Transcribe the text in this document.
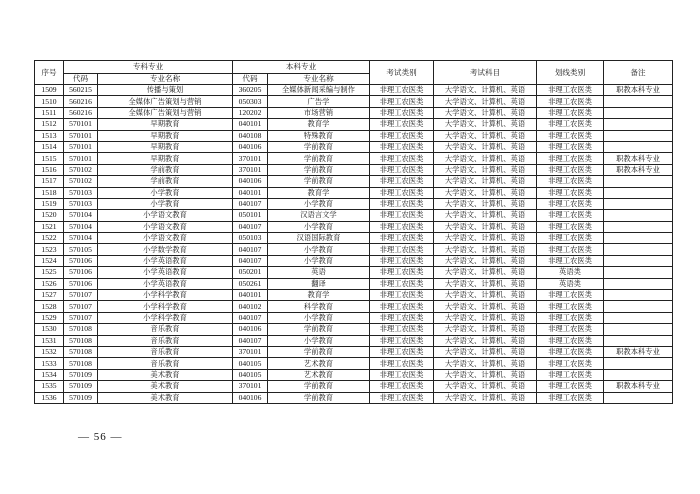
序号	专科专业		本科专业		考试类别	考试科目	划线类别	备注
	代码	专业名称	代码	专业名称				
1509	560215	传播与策划	360205	全媒体新闻采编与制作	非理工农医类	大学语文、计算机、英语	非理工农医类	职教本科专业
1510	560216	全媒体广告策划与营销	050303	广告学	非理工农医类	大学语文、计算机、英语	非理工农医类	
1511	560216	全媒体广告策划与营销	120202	市场营销	非理工农医类	大学语文、计算机、英语	非理工农医类	
1512	570101	早期教育	040101	教育学	非理工农医类	大学语文、计算机、英语	非理工农医类	
1513	570101	早期教育	040108	特殊教育	非理工农医类	大学语文、计算机、英语	非理工农医类	
1514	570101	早期教育	040106	学前教育	非理工农医类	大学语文、计算机、英语	非理工农医类	
1515	570101	早期教育	370101	学前教育	非理工农医类	大学语文、计算机、英语	非理工农医类	职教本科专业
1516	570102	学前教育	370101	学前教育	非理工农医类	大学语文、计算机、英语	非理工农医类	职教本科专业
1517	570102	学前教育	040106	学前教育	非理工农医类	大学语文、计算机、英语	非理工农医类	
1518	570103	小学教育	040101	教育学	非理工农医类	大学语文、计算机、英语	非理工农医类	
1519	570103	小学教育	040107	小学教育	非理工农医类	大学语文、计算机、英语	非理工农医类	
1520	570104	小学语文教育	050101	汉语言文学	非理工农医类	大学语文、计算机、英语	非理工农医类	
1521	570104	小学语文教育	040107	小学教育	非理工农医类	大学语文、计算机、英语	非理工农医类	
1522	570104	小学语文教育	050103	汉语国际教育	非理工农医类	大学语文、计算机、英语	非理工农医类	
1523	570105	小学数学教育	040107	小学教育	非理工农医类	大学语文、计算机、英语	非理工农医类	
1524	570106	小学英语教育	040107	小学教育	非理工农医类	大学语文、计算机、英语	非理工农医类	
1525	570106	小学英语教育	050201	英语	非理工农医类	大学语文、计算机、英语	英语类	
1526	570106	小学英语教育	050261	翻译	非理工农医类	大学语文、计算机、英语	英语类	
1527	570107	小学科学教育	040101	教育学	非理工农医类	大学语文、计算机、英语	非理工农医类	
1528	570107	小学科学教育	040102	科学教育	非理工农医类	大学语文、计算机、英语	非理工农医类	
1529	570107	小学科学教育	040107	小学教育	非理工农医类	大学语文、计算机、英语	非理工农医类	
1530	570108	音乐教育	040106	学前教育	非理工农医类	大学语文、计算机、英语	非理工农医类	
1531	570108	音乐教育	040107	小学教育	非理工农医类	大学语文、计算机、英语	非理工农医类	
1532	570108	音乐教育	370101	学前教育	非理工农医类	大学语文、计算机、英语	非理工农医类	职教本科专业
1533	570108	音乐教育	040105	艺术教育	非理工农医类	大学语文、计算机、英语	非理工农医类	
1534	570109	美术教育	040105	艺术教育	非理工农医类	大学语文、计算机、英语	非理工农医类	
1535	570109	美术教育	370101	学前教育	非理工农医类	大学语文、计算机、英语	非理工农医类	职教本科专业
1536	570109	美术教育	040106	学前教育	非理工农医类	大学语文、计算机、英语	非理工农医类	
— 56 —
